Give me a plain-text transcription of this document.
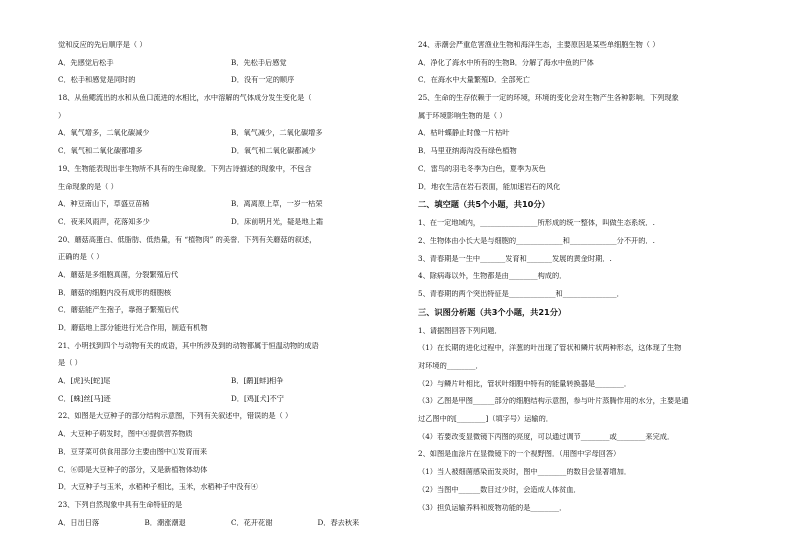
觉和反应的先后顺序是（ ）
A．先感觉后松手	B．先松手后感觉
C．松手和感觉是同时的	D．没有一定的顺序
18、从鱼鳃流出的水和从鱼口流进的水相比，水中溶解的气体成分发生变化是（
）
A．氧气增多，二氧化碳减少	B．氧气减少，二氧化碳增多
C．氧气和二氧化碳都增多	D．氧气和二氧化碳都减少
19、生物能表现出非生物所不具有的生命现象．下列古诗描述的现象中，不包含
生命现象的是（ ）
A．种豆南山下，草盛豆苗稀	B．离离原上草，一岁一枯荣
C．夜来风雨声，花落知多少	D．床前明月光，疑是地上霜
20、蘑菇高蛋白、低脂肪、低热量，有 “植物肉” 的美誉．下列有关蘑菇的叙述，
正确的是（ ）
A．蘑菇是多细胞真菌，分裂繁殖后代
B．蘑菇的细胞内没有成形的细胞核
C．蘑菇能产生孢子，靠孢子繁殖后代
D．蘑菇地上部分能进行光合作用，制造有机物
21、小明找到四个与动物有关的成语，其中所涉及到的动物都属于恒温动物的成语
是（ ）
A．[虎]头[蛇]尾	B．[鹬][蚌]相争
C．[蛛]丝[马]迹	D．[鸡][犬]不宁
22、如图是大豆种子的部分结构示意图，下列有关叙述中，错误的是（ ）
A．大豆种子萌发时，图中④提供营养物质
B．豆芽菜可供食用部分主要由图中①发育而来
C．⑥即是大豆种子的部分，又是新植物体幼体
D．大豆种子与玉米，水稻种子相比，玉米，水稻种子中没有④
23、下列自然现象中具有生命特征的是
A．日出日落	B．潮涨潮退	C．花开花谢	D．春去秋来
24、赤潮会严重危害渔业生物和海洋生态，主要原因是某些单细胞生物（ ）
A．净化了海水中所有的生物B．分解了海水中鱼的尸体
C．在海水中大量繁殖D．全部死亡
25、生命的生存依赖于一定的环境，环境的变化会对生物产生各种影响．下列现象
属于环境影响生物的是（ ）
A．枯叶蝶静止时像一片枯叶
B．马里亚纳海沟没有绿色植物
C．雷鸟的羽毛冬季为白色，夏季为灰色
D．地衣生活在岩石表面，能加速岩石的风化
二、填空题（共5个小题，共10分）
1、在一定地域内，________________所形成的统一整体，叫做生态系统．.
2、生物体由小长大是与细胞的_____________和_____________分不开的．.
3、青春期是一生中_______发育和_______发展的黄金时期．.
4、除病毒以外，生物都是由________构成的．
5、青春期的两个突出特征是_____________和_______________．
三、识图分析题（共3个小题，共21分）
1、请据图回答下列问题．
（1）在长期的进化过程中，洋葱的叶出现了管状和鳞片状两种形态，这体现了生物
对环境的________．
（2）与鳞片叶相比，管状叶细胞中特有的能量转换器是________．
（3）乙图是甲图______部分的细胞结构示意图，参与叶片蒸腾作用的水分，主要是通
过乙图中的[________]（填字号）运输的．
（4）若要改变显微镜下丙图的亮度，可以通过调节________或________来完成．
2、如图是血涂片在显微镜下的一个视野图．（用图中字母回答）
（1）当人被细菌感染而发炎时，图中________的数目会显著增加．
（2）当图中______数目过少时，会造成人体贫血．
（3）担负运输养料和废物功能的是________．
